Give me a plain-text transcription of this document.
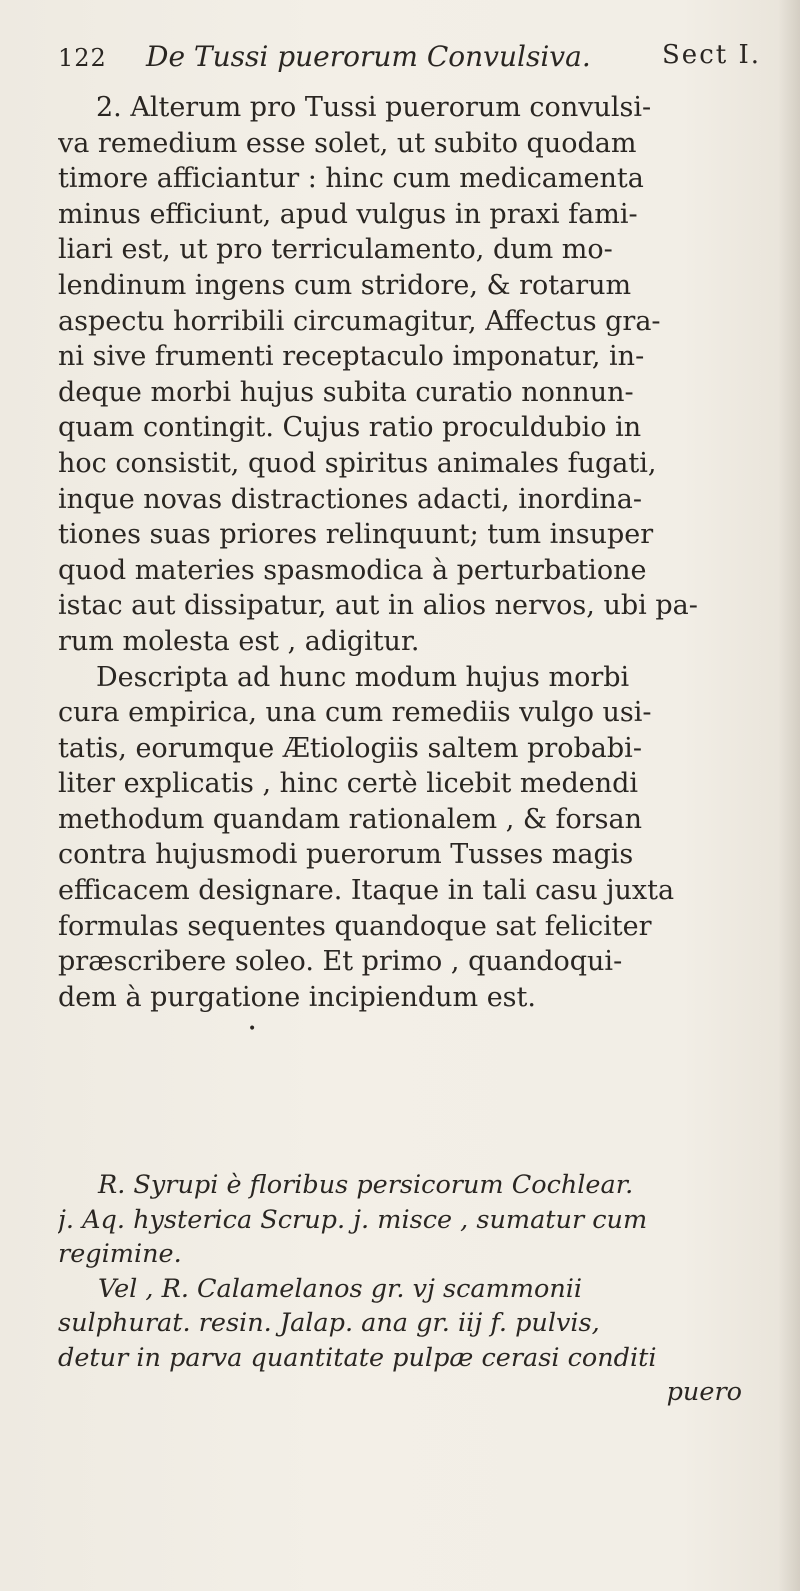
122 De Tussi puerorum Convulsiva.	Sect I.
2. Alterum pro Tussi puerorum convulsi-
va remedium esse solet, ut subito quodam
timore afficiantur : hinc cum medicamenta
minus efficiunt, apud vulgus in praxi fami-
liari est, ut pro terriculamento, dum mo-
lendinum ingens cum stridore, & rotarum
aspectu horribili circumagitur, Affectus gra-
ni sive frumenti receptaculo imponatur, in-
deque morbi hujus subita curatio nonnun-
quam contingit. Cujus ratio proculdubio in
hoc consistit, quod spiritus animales fugati,
inque novas distractiones adacti, inordina-
tiones suas priores relinquunt; tum insuper
quod materies spasmodica à perturbatione
istac aut dissipatur, aut in alios nervos, ubi pa-
rum molesta est , adigitur.
Descripta ad hunc modum hujus morbi
cura empirica, una cum remediis vulgo usi-
tatis, eorumque Ætiologiis saltem probabi-
liter explicatis , hinc certè licebit medendi
methodum quandam rationalem , & forsan
contra hujusmodi puerorum Tusses magis
efficacem designare. Itaque in tali casu juxta
formulas sequentes quandoque sat feliciter
præscribere soleo. Et primo , quandoqui-
dem à purgatione incipiendum est.
•
R. Syrupi è floribus persicorum Cochlear.
j. Aq. hysterica Scrup. j. misce , sumatur cum
regimine.
Vel , R. Calamelanos gr. vj scammonii
sulphurat. resin. Jalap. ana gr. iij f. pulvis,
detur in parva quantitate pulpæ cerasi conditi
puero
